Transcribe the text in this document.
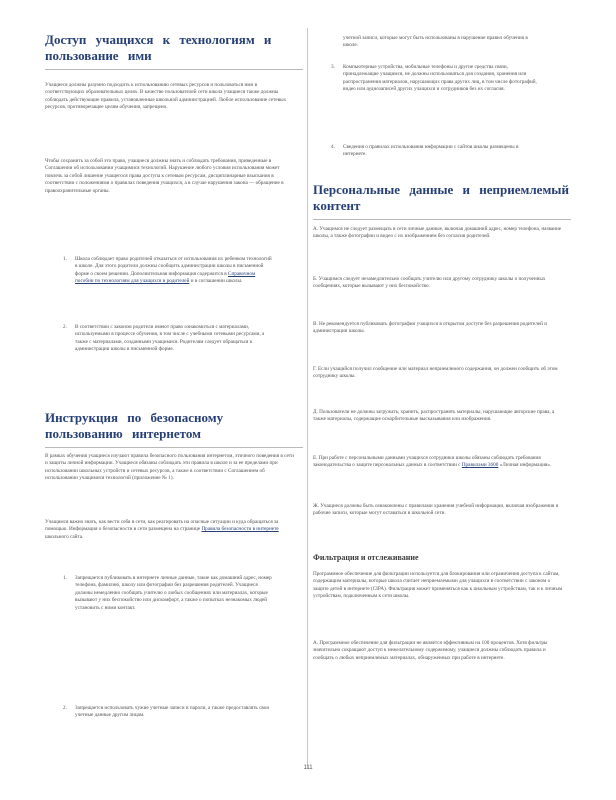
Доступ учащихся к технологиям и пользование ими

Учащиеся должны разумно подходить к использованию сетевых ресурсов и пользоваться ими в соответствующих образовательных целях. В качестве пользователей сети школа учащиеся также должны соблюдать действующие правила, установленные школьной администрацией. Любое использование сетевых ресурсов, противоречащее целям обучения, запрещено.

Чтобы сохранить за собой это право, учащиеся должны знать и соблюдать требования, приведенные в Соглашении об использовании учащимися технологий. Нарушение любого условия использования может повлечь за собой лишение учащегося права доступа к сетевым ресурсам, дисциплинарные взыскания в соответствии с положениями о правилах поведения учащихся, а в случае нарушения закона — обращение в правоохранительные органы.

1. Школа соблюдает право родителей отказаться от использования их ребенком технологий в школе. Для этого родители должны сообщить администрации школы в письменной форме о своем решении. Дополнительная информация содержится в Справочном пособии по технологиям для учащихся и родителей и в соглашении школы.
2. В соответствии с законом родители имеют право ознакомиться с материалами, используемыми в процессе обучения, в том числе с учебными сетевыми ресурсами, а также с материалами, созданными учащимися. Родителям следует обращаться к администрации школы в письменной форме.
Инструкция по безопасному пользованию интернетом

В рамках обучения учащиеся изучают правила безопасного пользования интернетом, этичного поведения в сети и защиты личной информации. Учащиеся обязаны соблюдать эти правила в школе и за ее пределами при использовании школьных устройств и сетевых ресурсов, а также в соответствии с Соглашением об использовании учащимися технологий (приложение № 1).

Учащимся важно знать, как вести себя в сети, как реагировать на опасные ситуации и куда обращаться за помощью. Информация о безопасности в сети размещена на странице Правила безопасности в интернете школьного сайта.
1. Запрещается публиковать в интернете личные данные, такие как домашний адрес, номер телефона, фамилию, школу или фотографии без разрешения родителей. Учащиеся должны немедленно сообщать учителю о любых сообщениях или материалах, которые вызывают у них беспокойство или дискомфорт, а также о попытках незнакомых людей установить с ними контакт.
2. Запрещается использовать чужие учетные записи и пароли, а также предоставлять свои учетные данные другим лицам.
учетной записи, которые могут быть использованы в нарушение правил обучения в школе.
3. Компьютерные устройства, мобильные телефоны и другие средства связи, принадлежащие учащимся, не должны использоваться для создания, хранения или распространения материалов, нарушающих права других лиц, в том числе фотографий, видео или аудиозаписей других учащихся и сотрудников без их согласия.
4. Сведения о правилах использования информации с сайтов школы размещены в интернете.
Персональные данные и неприемлемый контент

А. Учащимся не следует размещать в сети личные данные, включая домашний адрес, номер телефона, название школы, а также фотографии и видео с их изображением без согласия родителей.

Б. Учащимся следует незамедлительно сообщать учителю или другому сотруднику школы о полученных сообщениях, которые вызывают у них беспокойство.

В. Не рекомендуется публиковать фотографии учащихся в открытом доступе без разрешения родителей и администрации школы.

Г. Если учащийся получил сообщение или материал неприемлемого содержания, он должен сообщить об этом сотруднику школы.

Д. Пользователи не должны загружать, хранить, распространять материалы, нарушающие авторские права, а также материалы, содержащие оскорбительные высказывания или изображения.

Е. При работе с персональными данными учащихся сотрудники школы обязаны соблюдать требования законодательства о защите персональных данных в соответствии с Правилами 3600 «Личная информация».

Ж. Учащиеся должны быть ознакомлены с правилами хранения учебной информации, включая изображения и рабочие записи, которые могут оставаться в школьной сети.

Фильтрация и отслеживание

Программное обеспечение для фильтрации используется для блокирования или ограничения доступа к сайтам, содержащим материалы, которые школа считает неприемлемыми для учащихся в соответствии с законом о защите детей в интернете (CIPA). Фильтрация может применяться как к школьным устройствам, так и к личным устройствам, подключенным к сети школы.

А. Программное обеспечение для фильтрации не является эффективным на 100 процентов. Хотя фильтры значительно сокращают доступ к нежелательному содержимому, учащиеся должны соблюдать правила и сообщать о любых неприемлемых материалах, обнаруженных при работе в интернете.

111
